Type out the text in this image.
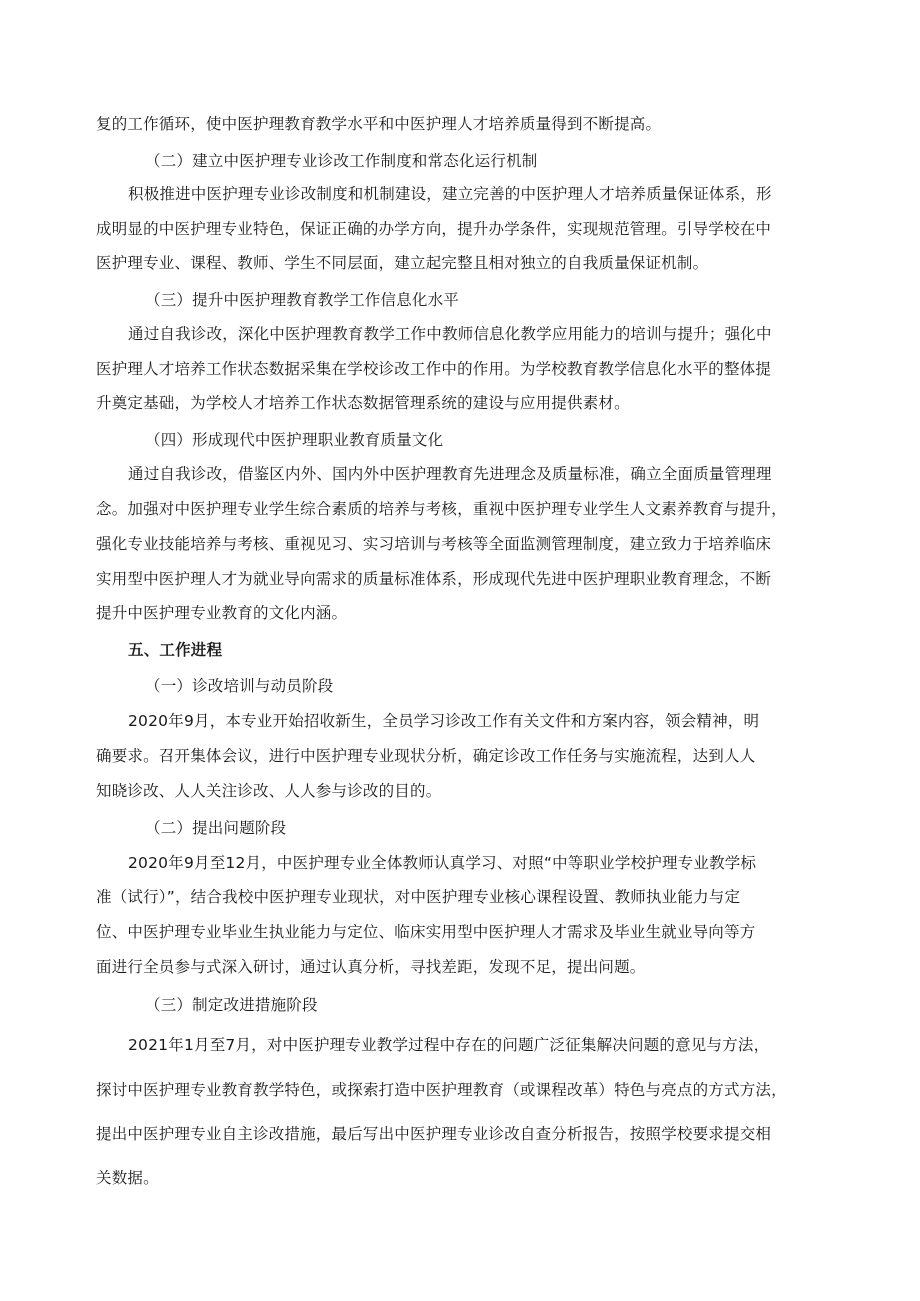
复的工作循环，使中医护理教育教学水平和中医护理人才培养质量得到不断提高。
（二）建立中医护理专业诊改工作制度和常态化运行机制
积极推进中医护理专业诊改制度和机制建设，建立完善的中医护理人才培养质量保证体系，形
成明显的中医护理专业特色，保证正确的办学方向，提升办学条件，实现规范管理。引导学校在中
医护理专业、课程、教师、学生不同层面，建立起完整且相对独立的自我质量保证机制。
（三）提升中医护理教育教学工作信息化水平
通过自我诊改，深化中医护理教育教学工作中教师信息化教学应用能力的培训与提升；强化中
医护理人才培养工作状态数据采集在学校诊改工作中的作用。为学校教育教学信息化水平的整体提
升奠定基础，为学校人才培养工作状态数据管理系统的建设与应用提供素材。
（四）形成现代中医护理职业教育质量文化
通过自我诊改，借鉴区内外、国内外中医护理教育先进理念及质量标准，确立全面质量管理理
念。加强对中医护理专业学生综合素质的培养与考核，重视中医护理专业学生人文素养教育与提升，
强化专业技能培养与考核、重视见习、实习培训与考核等全面监测管理制度，建立致力于培养临床
实用型中医护理人才为就业导向需求的质量标准体系，形成现代先进中医护理职业教育理念，不断
提升中医护理专业教育的文化内涵。
五、工作进程
（一）诊改培训与动员阶段
2020年9月，本专业开始招收新生，全员学习诊改工作有关文件和方案内容，领会精神，明
确要求。召开集体会议，进行中医护理专业现状分析，确定诊改工作任务与实施流程，达到人人
知晓诊改、人人关注诊改、人人参与诊改的目的。
（二）提出问题阶段
2020年9月至12月，中医护理专业全体教师认真学习、对照“中等职业学校护理专业教学标
准（试行）”，结合我校中医护理专业现状，对中医护理专业核心课程设置、教师执业能力与定
位、中医护理专业毕业生执业能力与定位、临床实用型中医护理人才需求及毕业生就业导向等方
面进行全员参与式深入研讨，通过认真分析，寻找差距，发现不足，提出问题。
（三）制定改进措施阶段
2021年1月至7月，对中医护理专业教学过程中存在的问题广泛征集解决问题的意见与方法，
探讨中医护理专业教育教学特色，或探索打造中医护理教育（或课程改革）特色与亮点的方式方法，
提出中医护理专业自主诊改措施，最后写出中医护理专业诊改自查分析报告，按照学校要求提交相
关数据。
